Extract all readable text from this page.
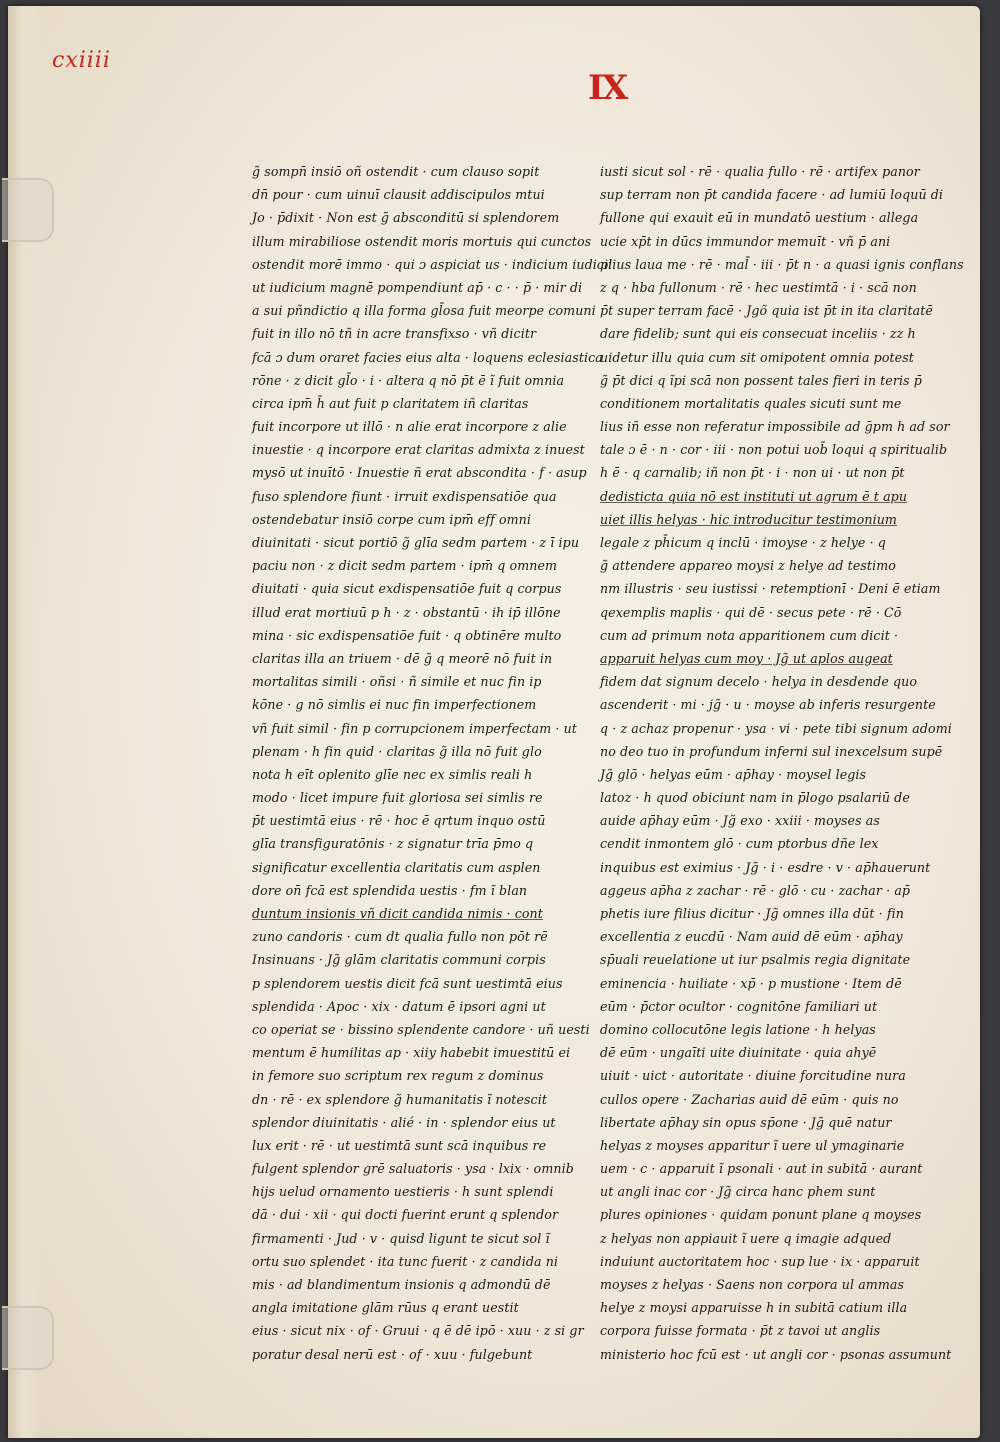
cxiiii
IX
g̃ sompn̄ insiō oñ ostendit · cum clauso sopit
dn̄ pour · cum uinuī clausit addiscipulos mtui
Jo · p̄dixit · Non est g̃ absconditū si splendorem
illum mirabiliose ostendit moris mortuis qui cunctos
ostendit morē immo · qui ɔ aspiciat us · indicium iudicii
ut iudicium magnē pompendiunt ap̄ · c · · p̄ · mir di
a sui pñndictio q illa forma gl̄osa fuit meorpe comuni
fuit in illo nō tñ in acre transfixso · vñ dicitr
fcā ɔ dum oraret facies eius alta · loquens eclesiastica
rōne · z dicit gl̄o · i · altera q nō p̄t ē ĩ fuit omnia
circa ipm̄ h̄ aut fuit p claritatem iñ claritas
fuit incorpore ut illō · n alie erat incorpore z alie
inuestie · q incorpore erat claritas admixta z inuest
mysō ut inuītō · Inuestie ñ erat abscondita · f · asup
fuso splendore fiunt · irruit exdispensatiōe qua
ostendebatur insiō corpe cum ipm̄ eff omni
diuinitati · sicut portiō g̃ glīa sedm partem · z ī ipu
paciu non · z dicit sedm partem · ipm̄ q omnem
diuitati · quia sicut exdispensatiōe fuit q corpus
illud erat mortiuū p h · z · obstantū · ih ip̄ illōne
mina · sic exdispensatiōe fuit · q obtinēre multo
claritas illa an triuem · dē g̃ q meorē nō fuit in
mortalitas simili · oñsi · ñ simile et nuc fin ip
kōne · g nō simlis ei nuc fin imperfectionem
vñ fuit simil · fin p corrupcionem imperfectam · ut
plenam · h fin quid · claritas g̃ illa nō fuit glo
nota h eīt oplenito glīe nec ex simlis reali h
modo · licet impure fuit gloriosa sei simlis re
p̄t uestimtā eius · rē · hoc ē qrtum inquo ostū
glīa transfiguratōnis · z signatur trīa p̄mo q
significatur excellentia claritatis cum asplen
dore on̄ fcā est splendida uestis · fm ĩ blan
duntum insionis vñ dicit candida nimis · cont
zuno candoris · cum dt qualia fullo non pōt rē
Insinuans · Jg̃ glām claritatis communi corpis
p splendorem uestis dicit fcā sunt uestimtā eius
splendida · Apoc · xix · datum ē ipsori agni ut
co operiat se · bissino splendente candore · uñ uesti
mentum ē humilitas ap · xiiy habebit imuestitū ei
in femore suo scriptum rex regum z dominus
dn · rē · ex splendore g̃ humanitatis ĩ notescit
splendor diuinitatis · alié · in · splendor eius ut
lux erit · rē · ut uestimtā sunt scā inquibus re
fulgent splendor grē saluatoris · ysa · lxix · omnib
hijs uelud ornamento uestieris · h sunt splendi
dā · dui · xii · qui docti fuerint erunt q splendor
firmamenti · Jud · v · quisd ligunt te sicut sol ĩ
ortu suo splendet · ita tunc fuerit · z candida ni
mis · ad blandimentum insionis q admondū dē
angla imitatione glām rūus q erant uestit
eius · sicut nix · of · Gruui · q ē dē ipō · xuu · z si gr
poratur desal nerū est · of · xuu · fulgebunt
iusti sicut sol · rē · qualia fullo · rē · artifex panor
sup terram non p̄t candida facere · ad lumiū loquū di
fullone qui exauit eū in mundatō uestium · allega
ucie xp̄t in dūcs immundor memuīt · vñ p̄ ani
plius laua me · rē · mal̄ · iii · p̄t n · a quasi ignis conflans
z q · hba fullonum · rē · hec uestimtā · i · scā non
p̄t super terram facē · Jgõ quia ist p̄t in ita claritatē
dare fidelib; sunt qui eis consecuat inceliis · zz h
uidetur illu quia cum sit omipotent omnia potest
g̃ p̄t dici q ĩpi scā non possent tales fieri in teris p̄
conditionem mortalitatis quales sicuti sunt me
lius iñ esse non referatur impossibile ad ḡpm h ad sor
tale ɔ ē · n · cor · iii · non potui uob̄ loqui q spiritualib
h ē · q carnalib; iñ non p̄t · i · non ui · ut non p̄t
dedisticta quia nō est instituti ut agrum ē t apu
uiet illis helyas · hic introducitur testimonium
legale z ph̄icum q inclū · imoyse · z helye · q
g̃ attendere appareo moysi z helye ad testimo
nm illustris · seu iustissi · retemptionī · Deni ē etiam
qexemplis maplis · qui dē · secus pete · rē · Cō
cum ad primum nota apparitionem cum dicit ·
apparuit helyas cum moy · Jg̃ ut aplos augeat
fidem dat signum decelo · helya in desdende quo
ascenderit · mi · jg̃ · u · moyse ab inferis resurgente
q · z achaz propenur · ysa · vi · pete tibi signum adomi
no deo tuo in profundum inferni sul inexcelsum supē
Jg̃ glō · helyas eūm · ap̄hay · moysel legis
latoz · h quod obiciunt nam in p̄logo psalariū de
auide ap̄hay eūm · Jg̃ exo · xxiii · moyses as
cendit inmontem glō · cum ptorbus dñe lex
inquibus est eximius · Jg̃ · i · esdre · v · ap̄hauerunt
aggeus ap̄ha z zachar · rē · glō · cu · zachar · ap̄
phetis iure filius dicitur · Jg̃ omnes illa dūt · fin
excellentia z eucdū · Nam auid dē eūm · ap̄hay
sp̄uali reuelatione ut iur psalmis regia dignitate
eminencia · huiliate · xp̄ · p mustione · Item dē
eūm · p̄ctor ocultor · cognitōne familiari ut
domino collocutōne legis latione · h helyas
dē eūm · ungaīti uite diuinitate · quia ahyē
uiuit · uict · autoritate · diuine forcitudine nura
cullos opere · Zacharias auid dē eūm · quis no
libertate ap̄hay sin opus sp̄one · Jg̃ quē natur
helyas z moyses apparitur ĩ uere ul ymaginarie
uem · c · apparuit ĩ psonali · aut in subitā · aurant
ut angli inac cor · Jg̃ circa hanc phem sunt
plures opiniones · quidam ponunt plane q moyses
z helyas non appiauit ĩ uere q imagie adqued
induiunt auctoritatem hoc · sup lue · ix · apparuit
moyses z helyas · Saens non corpora ul ammas
helye z moysi apparuisse h in subitā catium illa
corpora fuisse formata · p̄t z tavoi ut anglis
ministerio hoc fcū est · ut angli cor · psonas assumunt
